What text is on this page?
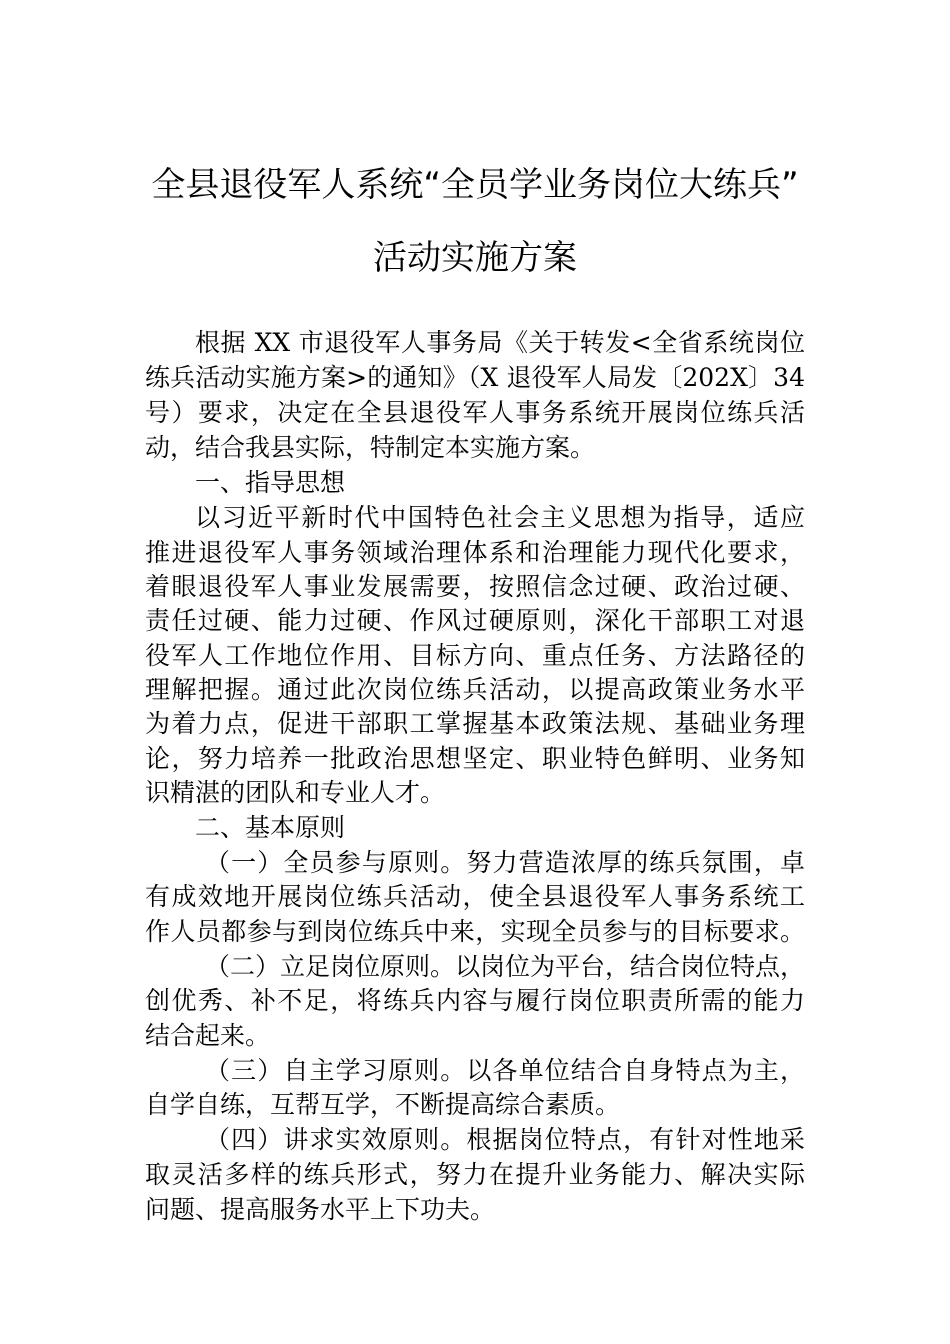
全县退役军人系统“全员学业务岗位大练兵”
活动实施方案
根据 XX 市退役军人事务局《关于转发<全省系统岗位
练兵活动实施方案>的通知》（X 退役军人局发〔202X〕34
号）要求，决定在全县退役军人事务系统开展岗位练兵活
动，结合我县实际，特制定本实施方案。
一、指导思想
以习近平新时代中国特色社会主义思想为指导，适应
推进退役军人事务领域治理体系和治理能力现代化要求，
着眼退役军人事业发展需要，按照信念过硬、政治过硬、
责任过硬、能力过硬、作风过硬原则，深化干部职工对退
役军人工作地位作用、目标方向、重点任务、方法路径的
理解把握。通过此次岗位练兵活动，以提高政策业务水平
为着力点，促进干部职工掌握基本政策法规、基础业务理
论，努力培养一批政治思想坚定、职业特色鲜明、业务知
识精湛的团队和专业人才。
二、基本原则
（一）全员参与原则。努力营造浓厚的练兵氛围，卓
有成效地开展岗位练兵活动，使全县退役军人事务系统工
作人员都参与到岗位练兵中来，实现全员参与的目标要求。
（二）立足岗位原则。以岗位为平台，结合岗位特点，
创优秀、补不足，将练兵内容与履行岗位职责所需的能力
结合起来。
（三）自主学习原则。以各单位结合自身特点为主，
自学自练，互帮互学，不断提高综合素质。
（四）讲求实效原则。根据岗位特点，有针对性地采
取灵活多样的练兵形式，努力在提升业务能力、解决实际
问题、提高服务水平上下功夫。
